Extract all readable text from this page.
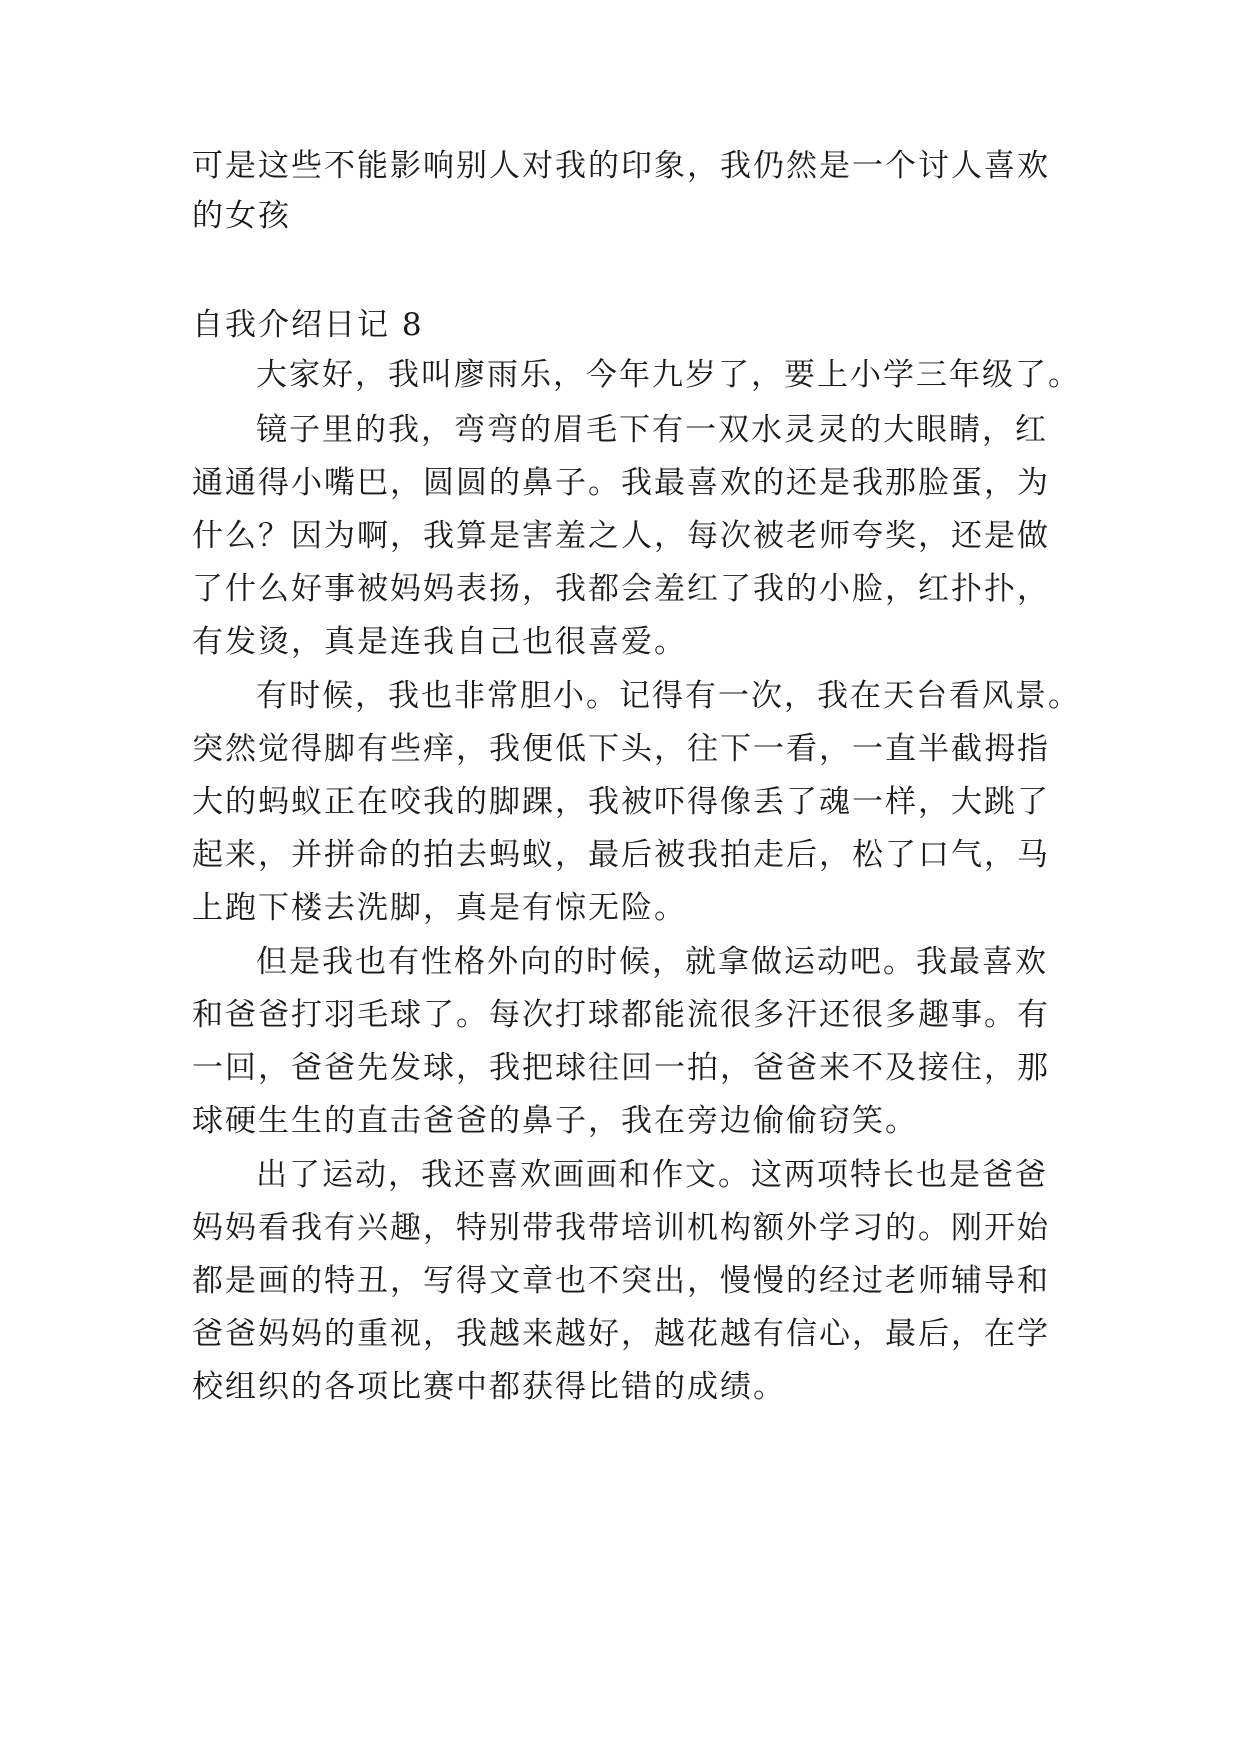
可是这些不能影响别人对我的印象，我仍然是一个讨人喜欢
的女孩
自我介绍日记 8
大家好，我叫廖雨乐，今年九岁了，要上小学三年级了。
镜子里的我，弯弯的眉毛下有一双水灵灵的大眼睛，红
通通得小嘴巴，圆圆的鼻子。我最喜欢的还是我那脸蛋，为
什么？因为啊，我算是害羞之人，每次被老师夸奖，还是做
了什么好事被妈妈表扬，我都会羞红了我的小脸，红扑扑，
有发烫，真是连我自己也很喜爱。
有时候，我也非常胆小。记得有一次，我在天台看风景。
突然觉得脚有些痒，我便低下头，往下一看，一直半截拇指
大的蚂蚁正在咬我的脚踝，我被吓得像丢了魂一样，大跳了
起来，并拼命的拍去蚂蚁，最后被我拍走后，松了口气，马
上跑下楼去洗脚，真是有惊无险。
但是我也有性格外向的时候，就拿做运动吧。我最喜欢
和爸爸打羽毛球了。每次打球都能流很多汗还很多趣事。有
一回，爸爸先发球，我把球往回一拍，爸爸来不及接住，那
球硬生生的直击爸爸的鼻子，我在旁边偷偷窃笑。
出了运动，我还喜欢画画和作文。这两项特长也是爸爸
妈妈看我有兴趣，特别带我带培训机构额外学习的。刚开始
都是画的特丑，写得文章也不突出，慢慢的经过老师辅导和
爸爸妈妈的重视，我越来越好，越花越有信心，最后，在学
校组织的各项比赛中都获得比错的成绩。
